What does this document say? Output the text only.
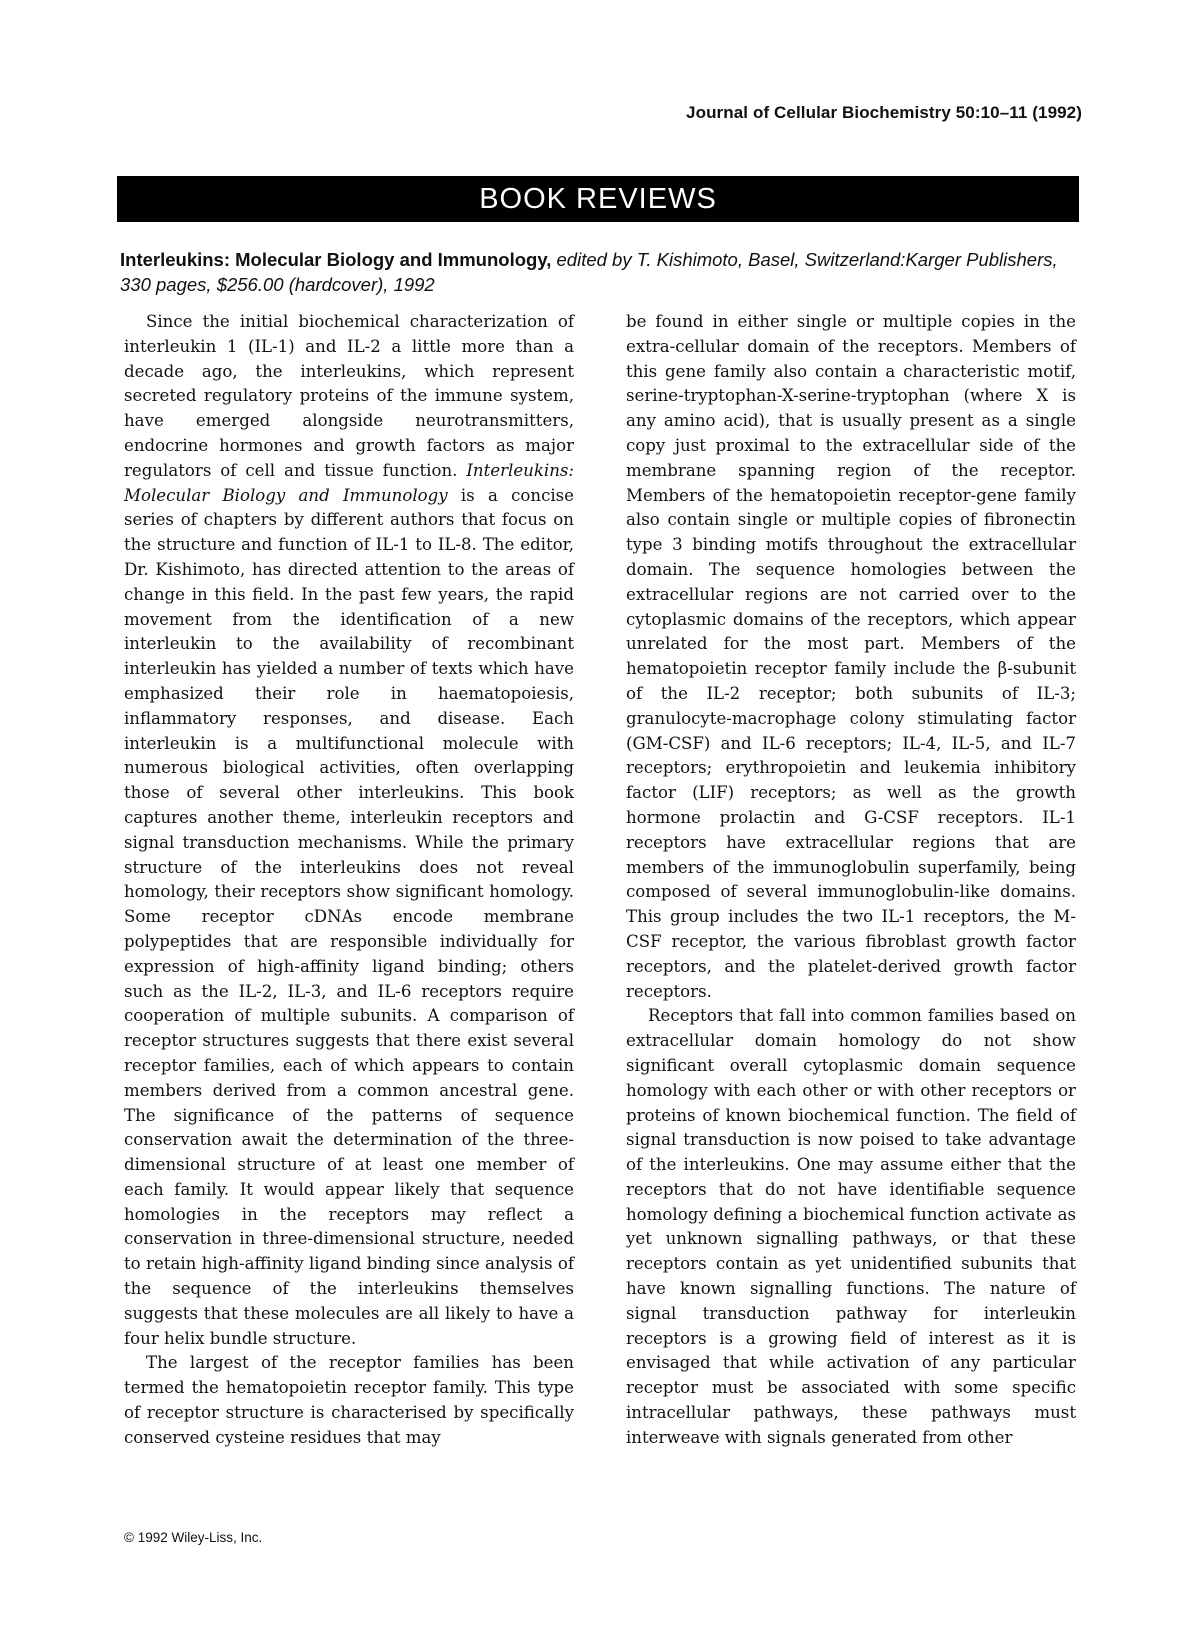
Journal of Cellular Biochemistry 50:10–11 (1992)
BOOK REVIEWS
Interleukins: Molecular Biology and Immunology, edited by T. Kishimoto, Basel, Switzerland:Karger Publishers, 330 pages, $256.00 (hardcover), 1992

Since the initial biochemical characterization of interleukin 1 (IL-1) and IL-2 a little more than a decade ago, the interleukins, which represent secreted regulatory proteins of the immune system, have emerged alongside neurotransmitters, endocrine hormones and growth factors as major regulators of cell and tissue function. Interleukins: Molecular Biology and Immunology is a concise series of chapters by different authors that focus on the structure and function of IL-1 to IL-8. The editor, Dr. Kishimoto, has directed attention to the areas of change in this field. In the past few years, the rapid movement from the identification of a new interleukin to the availability of recombinant interleukin has yielded a number of texts which have emphasized their role in haematopoiesis, inflammatory responses, and disease. Each interleukin is a multifunctional molecule with numerous biological activities, often overlapping those of several other interleukins. This book captures another theme, interleukin receptors and signal transduction mechanisms. While the primary structure of the interleukins does not reveal homology, their receptors show significant homology. Some receptor cDNAs encode membrane polypeptides that are responsible individually for expression of high-affinity ligand binding; others such as the IL-2, IL-3, and IL-6 receptors require cooperation of multiple subunits. A comparison of receptor structures suggests that there exist several receptor families, each of which appears to contain members derived from a common ancestral gene. The significance of the patterns of sequence conservation await the determination of the three-dimensional structure of at least one member of each family. It would appear likely that sequence homologies in the receptors may reflect a conservation in three-dimensional structure, needed to retain high-affinity ligand binding since analysis of the sequence of the interleukins themselves suggests that these molecules are all likely to have a four helix bundle structure.

The largest of the receptor families has been termed the hematopoietin receptor family. This type of receptor structure is characterised by specifically conserved cysteine residues that may

be found in either single or multiple copies in the extra-cellular domain of the receptors. Members of this gene family also contain a characteristic motif, serine-tryptophan-X-serine-tryptophan (where X is any amino acid), that is usually present as a single copy just proximal to the extracellular side of the membrane spanning region of the receptor. Members of the hematopoietin receptor-gene family also contain single or multiple copies of fibronectin type 3 binding motifs throughout the extracellular domain. The sequence homologies between the extracellular regions are not carried over to the cytoplasmic domains of the receptors, which appear unrelated for the most part. Members of the hematopoietin receptor family include the β-subunit of the IL-2 receptor; both subunits of IL-3; granulocyte-macrophage colony stimulating factor (GM-CSF) and IL-6 receptors; IL-4, IL-5, and IL-7 receptors; erythropoietin and leukemia inhibitory factor (LIF) receptors; as well as the growth hormone prolactin and G-CSF receptors. IL-1 receptors have extracellular regions that are members of the immunoglobulin superfamily, being composed of several immunoglobulin-like domains. This group includes the two IL-1 receptors, the M-CSF receptor, the various fibroblast growth factor receptors, and the platelet-derived growth factor receptors.

Receptors that fall into common families based on extracellular domain homology do not show significant overall cytoplasmic domain sequence homology with each other or with other receptors or proteins of known biochemical function. The field of signal transduction is now poised to take advantage of the interleukins. One may assume either that the receptors that do not have identifiable sequence homology defining a biochemical function activate as yet unknown signalling pathways, or that these receptors contain as yet unidentified subunits that have known signalling functions. The nature of signal transduction pathway for interleukin receptors is a growing field of interest as it is envisaged that while activation of any particular receptor must be associated with some specific intracellular pathways, these pathways must interweave with signals generated from other

© 1992 Wiley-Liss, Inc.
